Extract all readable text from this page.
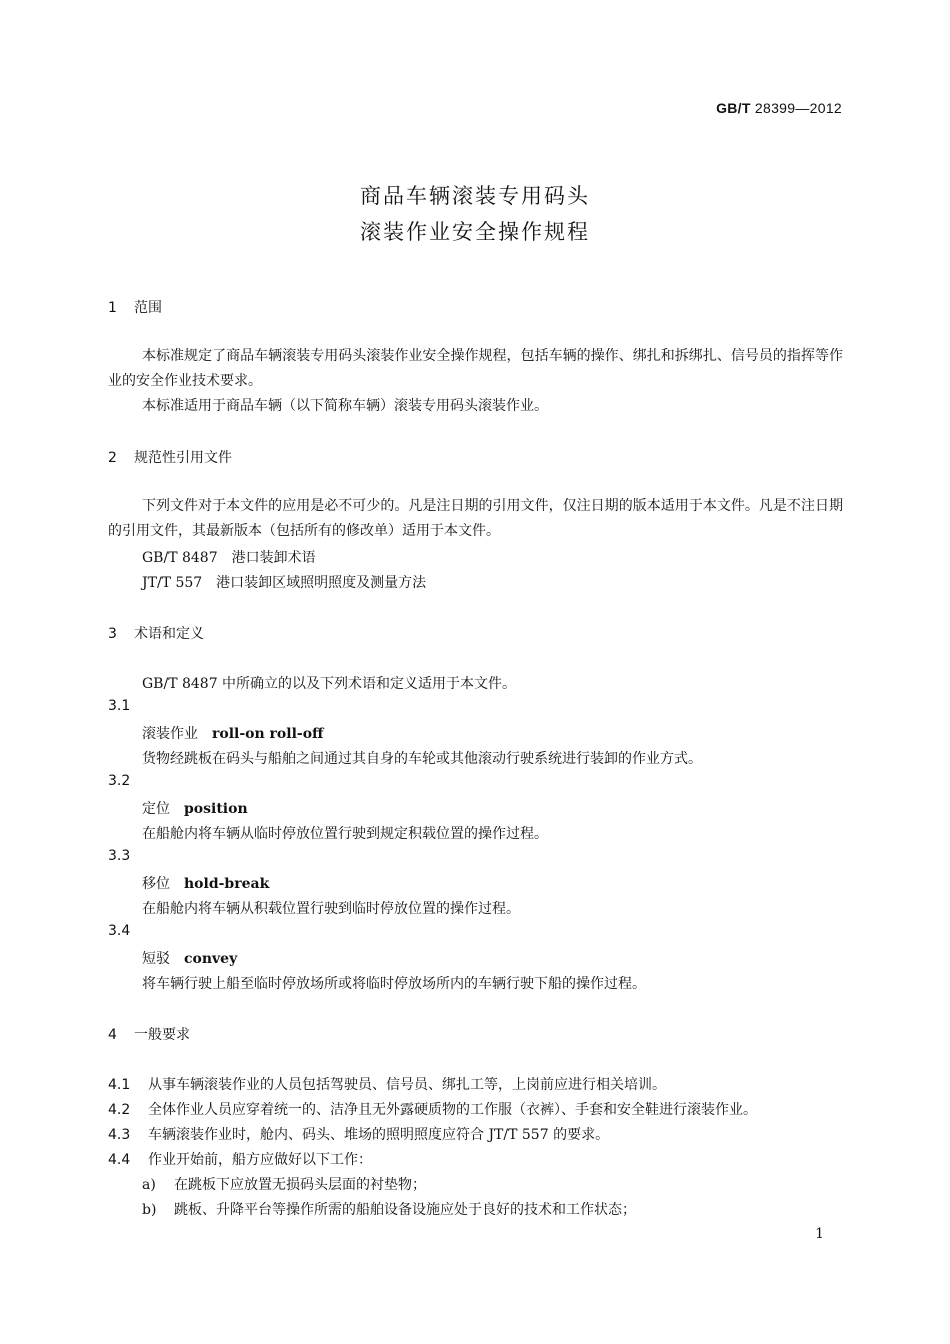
GB/T 28399—2012
商品车辆滚装专用码头
滚装作业安全操作规程
1 范围
本标准规定了商品车辆滚装专用码头滚装作业安全操作规程，包括车辆的操作、绑扎和拆绑扎、信号员的指挥等作业的安全作业技术要求。
本标准适用于商品车辆（以下简称车辆）滚装专用码头滚装作业。
2 规范性引用文件
下列文件对于本文件的应用是必不可少的。凡是注日期的引用文件，仅注日期的版本适用于本文件。凡是不注日期的引用文件，其最新版本（包括所有的修改单）适用于本文件。
GB/T 8487　港口装卸术语
JT/T 557　港口装卸区域照明照度及测量方法
3 术语和定义
GB/T 8487 中所确立的以及下列术语和定义适用于本文件。
3.1
滚装作业 roll-on roll-off
货物经跳板在码头与船舶之间通过其自身的车轮或其他滚动行驶系统进行装卸的作业方式。
3.2
定位 position
在船舱内将车辆从临时停放位置行驶到规定积载位置的操作过程。
3.3
移位 hold-break
在船舱内将车辆从积载位置行驶到临时停放位置的操作过程。
3.4
短驳 convey
将车辆行驶上船至临时停放场所或将临时停放场所内的车辆行驶下船的操作过程。
4 一般要求
4.1 从事车辆滚装作业的人员包括驾驶员、信号员、绑扎工等，上岗前应进行相关培训。
4.2 全体作业人员应穿着统一的、洁净且无外露硬质物的工作服（衣裤）、手套和安全鞋进行滚装作业。
4.3 车辆滚装作业时，舱内、码头、堆场的照明照度应符合 JT/T 557 的要求。
4.4 作业开始前，船方应做好以下工作：
a) 在跳板下应放置无损码头层面的衬垫物；
b) 跳板、升降平台等操作所需的船舶设备设施应处于良好的技术和工作状态；
1
